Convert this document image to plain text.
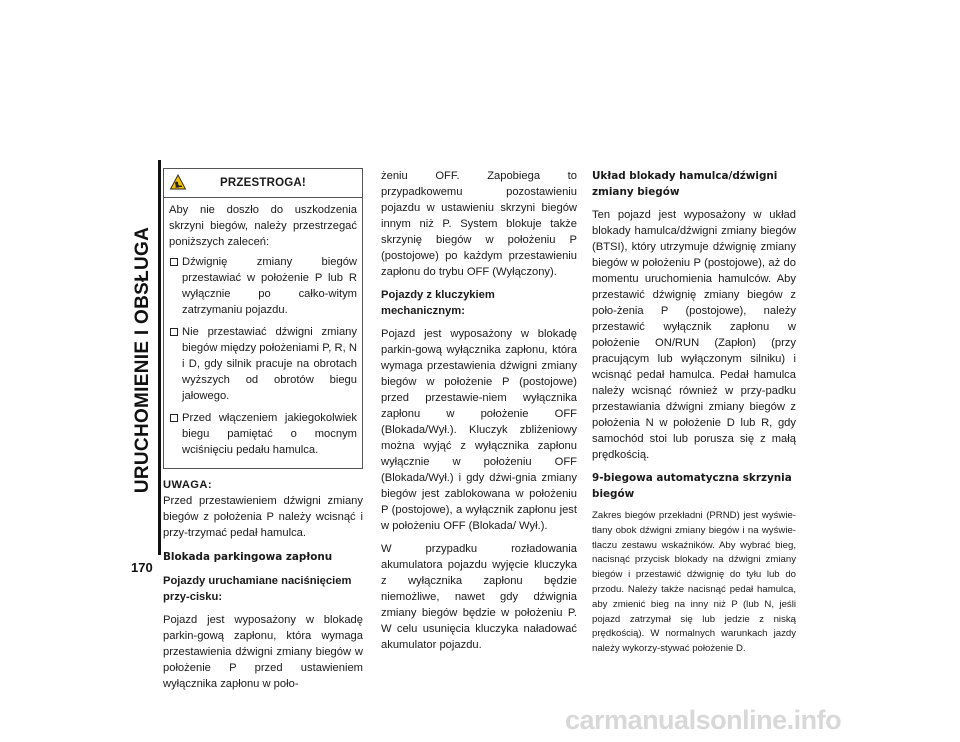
URUCHOMIENIE I OBSŁUGA
170
PRZESTROGA!

Aby nie doszło do uszkodzenia skrzyni biegów, należy przestrzegać poniższych zaleceń:

Dźwignię zmiany biegów przestawiać w położenie P lub R wyłącznie po całko-witym zatrzymaniu pojazdu.
Nie przestawiać dźwigni zmiany biegów między położeniami P, R, N i D, gdy silnik pracuje na obrotach wyższych od obrotów biegu jałowego.
Przed włączeniem jakiegokolwiek biegu pamiętać o mocnym wciśnięciu pedału hamulca.
UWAGA:

Przed przestawieniem dźwigni zmiany biegów z położenia P należy wcisnąć i przy-trzymać pedał hamulca.

Blokada parkingowa zapłonu
Pojazdy uruchamiane naciśnięciem przy-cisku:

Pojazd jest wyposażony w blokadę parkin-gową zapłonu, która wymaga przestawienia dźwigni zmiany biegów w położenie P przed ustawieniem wyłącznika zapłonu w poło-

żeniu OFF. Zapobiega to przypadkowemu pozostawieniu pojazdu w ustawieniu skrzyni biegów innym niż P. System blokuje także skrzynię biegów w położeniu P (postojowe) po każdym przestawieniu zapłonu do trybu OFF (Wyłączony).

Pojazdy z kluczykiem mechanicznym:

Pojazd jest wyposażony w blokadę parkin-gową wyłącznika zapłonu, która wymaga przestawienia dźwigni zmiany biegów w położenie P (postojowe) przed przestawie-niem wyłącznika zapłonu w położenie OFF (Blokada/Wył.). Kluczyk zbliżeniowy można wyjąć z wyłącznika zapłonu wyłącznie w położeniu OFF (Blokada/Wył.) i gdy dźwi-gnia zmiany biegów jest zablokowana w położeniu P (postojowe), a wyłącznik zapłonu jest w położeniu OFF (Blokada/ Wył.).

W przypadku rozładowania akumulatora pojazdu wyjęcie kluczyka z wyłącznika zapłonu będzie niemożliwe, nawet gdy dźwignia zmiany biegów będzie w położeniu P. W celu usunięcia kluczyka naładować akumulator pojazdu.

Układ blokady hamulca/dźwigni zmiany biegów

Ten pojazd jest wyposażony w układ blokady hamulca/dźwigni zmiany biegów (BTSI), który utrzymuje dźwignię zmiany biegów w położeniu P (postojowe), aż do momentu uruchomienia hamulców. Aby przestawić dźwignię zmiany biegów z poło-żenia P (postojowe), należy przestawić wyłącznik zapłonu w położenie ON/RUN (Zapłon) (przy pracującym lub wyłączonym silniku) i wcisnąć pedał hamulca. Pedał hamulca należy wcisnąć również w przy-padku przestawiania dźwigni zmiany biegów z położenia N w położenie D lub R, gdy samochód stoi lub porusza się z małą prędkością.

9-biegowa automatyczna skrzynia biegów

Zakres biegów przekładni (PRND) jest wyświe-tlany obok dźwigni zmiany biegów i na wyświe-tlaczu zestawu wskaźników. Aby wybrać bieg, nacisnąć przycisk blokady na dźwigni zmiany biegów i przestawić dźwignię do tyłu lub do przodu. Należy także nacisnąć pedał hamulca, aby zmienić bieg na inny niż P (lub N, jeśli pojazd zatrzymał się lub jedzie z niską prędkością). W normalnych warunkach jazdy należy wykorzy-stywać położenie D.

carmanualsonline.info
